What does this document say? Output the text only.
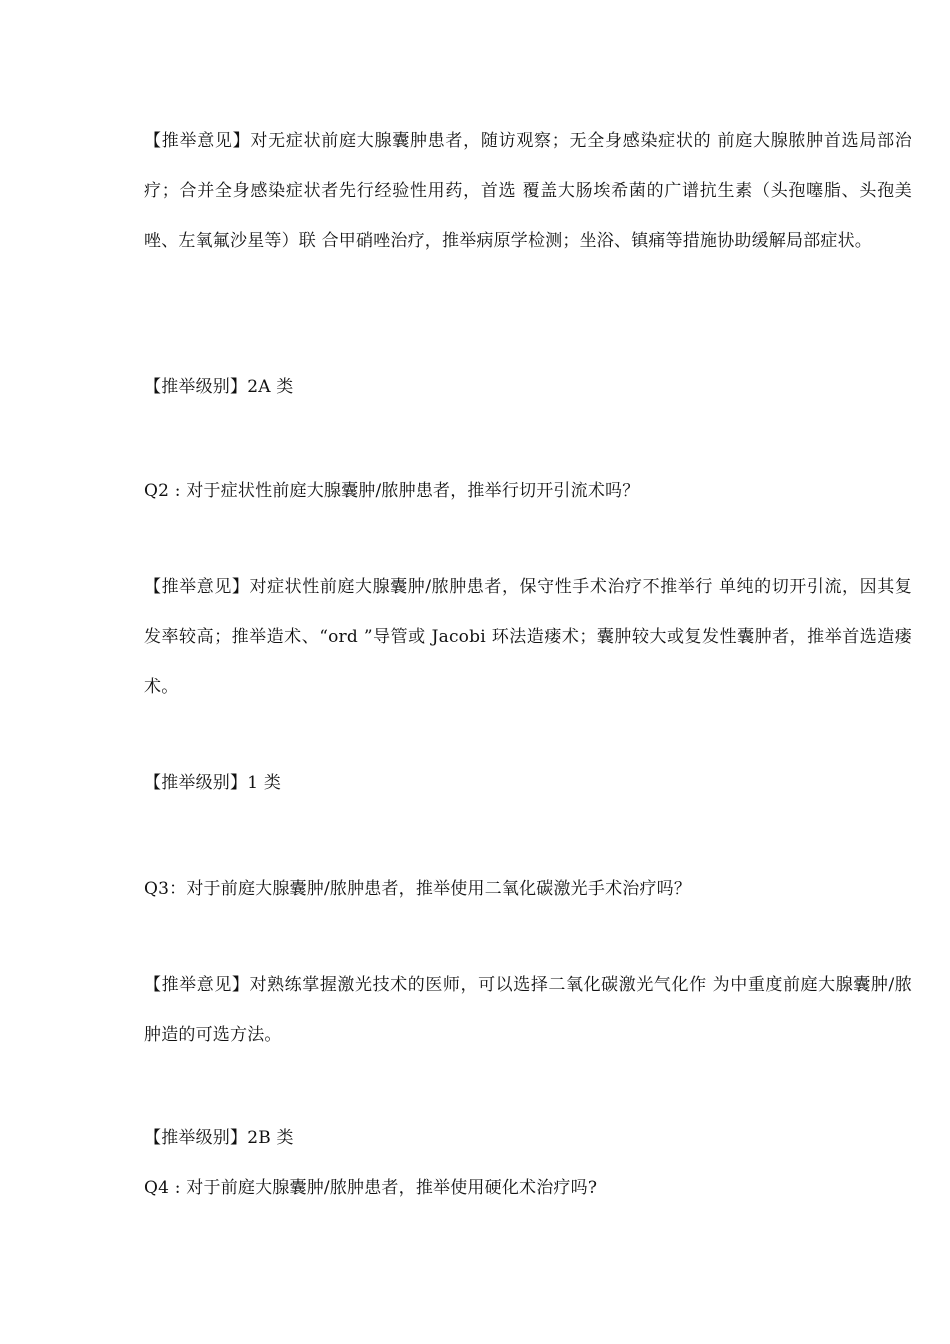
【推举意见】对无症状前庭大腺囊肿患者，随访观察；无全身感染症状的 前庭大腺脓肿首选局部治疗；合并全身感染症状者先行经验性用药，首选 覆盖大肠埃希菌的广谱抗生素（头孢噻脂、头孢美唑、左氧氟沙星等）联 合甲硝唑治疗，推举病原学检测；坐浴、镇痛等措施协助缓解局部症状。

【推举级别】2A 类

Q2 : 对于症状性前庭大腺囊肿/脓肿患者，推举行切开引流术吗？

【推举意见】对症状性前庭大腺囊肿/脓肿患者，保守性手术治疗不推举行 单纯的切开引流，因其复发率较高；推举造术、“ord ”导管或 Jacobi 环法造瘘术；囊肿较大或复发性囊肿者，推举首选造瘘术。

【推举级别】1 类

Q3：对于前庭大腺囊肿/脓肿患者，推举使用二氧化碳激光手术治疗吗？

【推举意见】对熟练掌握激光技术的医师，可以选择二氧化碳激光气化作 为中重度前庭大腺囊肿/脓肿造的可选方法。

【推举级别】2B 类

Q4 : 对于前庭大腺囊肿/脓肿患者，推举使用硬化术治疗吗?
